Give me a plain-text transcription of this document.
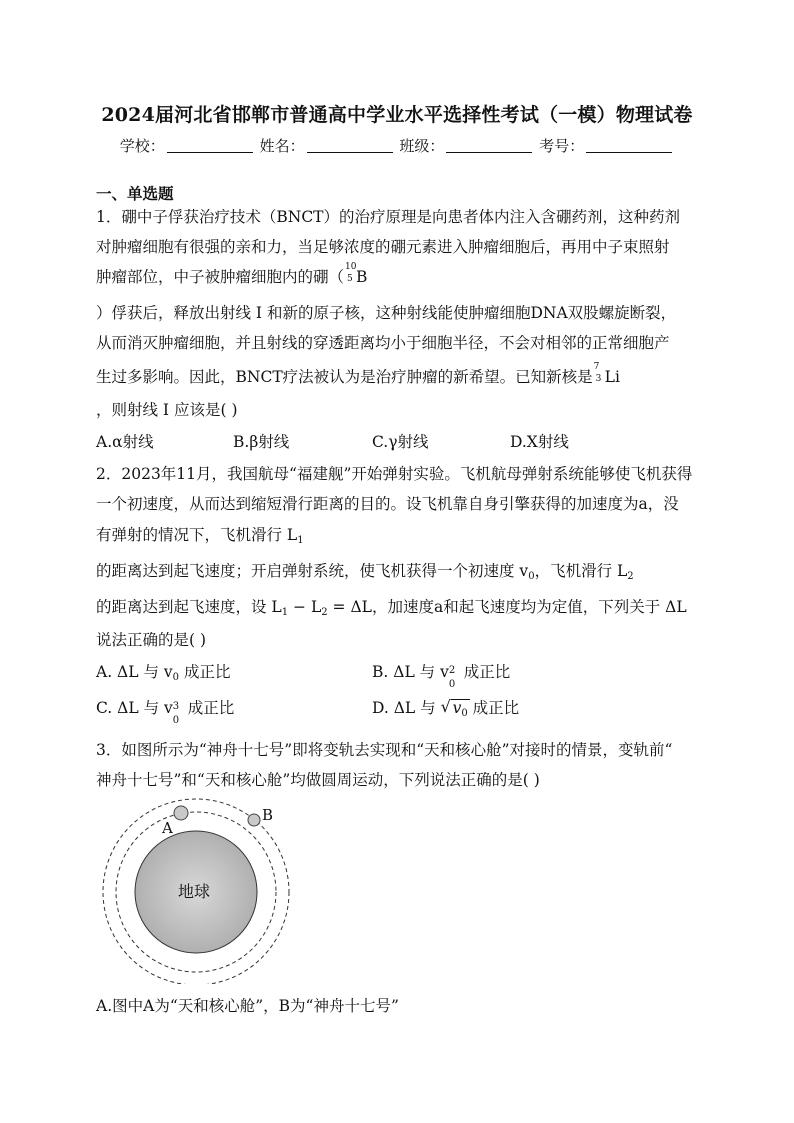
2024届河北省邯郸市普通高中学业水平选择性考试（一模）物理试卷
学校：	姓名：	班级：	考号：
一、单选题
1．硼中子俘获治疗技术（BNCT）的治疗原理是向患者体内注入含硼药剂，这种药剂
对肿瘤细胞有很强的亲和力，当足够浓度的硼元素进入肿瘤细胞后，再用中子束照射
肿瘤部位，中子被肿瘤细胞内的硼（
10
5 B
）俘获后，释放出射线 I 和新的原子核，这种射线能使肿瘤细胞DNA双股螺旋断裂，
从而消灭肿瘤细胞，并且射线的穿透距离均小于细胞半径，不会对相邻的正常细胞产
生过多影响。因此，BNCT疗法被认为是治疗肿瘤的新希望。已知新核是
7
3 Li
，则射线 I 应该是( )
A.α射线	B.β射线	C.γ射线	D.X射线
2．2023年11月，我国航母“福建舰”开始弹射实验。飞机航母弹射系统能够使飞机获得
一个初速度，从而达到缩短滑行距离的目的。设飞机靠自身引擎获得的加速度为a，没
有弹射的情况下，飞机滑行 $L_1$
的距离达到起飞速度；开启弹射系统，使飞机获得一个初速度 $v_0$，飞机滑行 $L_2$
的距离达到起飞速度，设 $L_1 - L_2 = \Delta L$，加速度a和起飞速度均为定值，下列关于 ΔL
说法正确的是( )
A. ΔL 与 $v_0$ 成正比	B. ΔL 与 v 2
0
成正比
C. ΔL 与 v 3
0
成正比	D. ΔL 与 √ $v_0$ 成正比
3．如图所示为“神舟十七号”即将变轨去实现和“天和核心舱”对接时的情景，变轨前“
神舟十七号”和“天和核心舱”均做圆周运动，下列说法正确的是( )
地球
A
B
A.图中A为“天和核心舱”，B为“神舟十七号”
